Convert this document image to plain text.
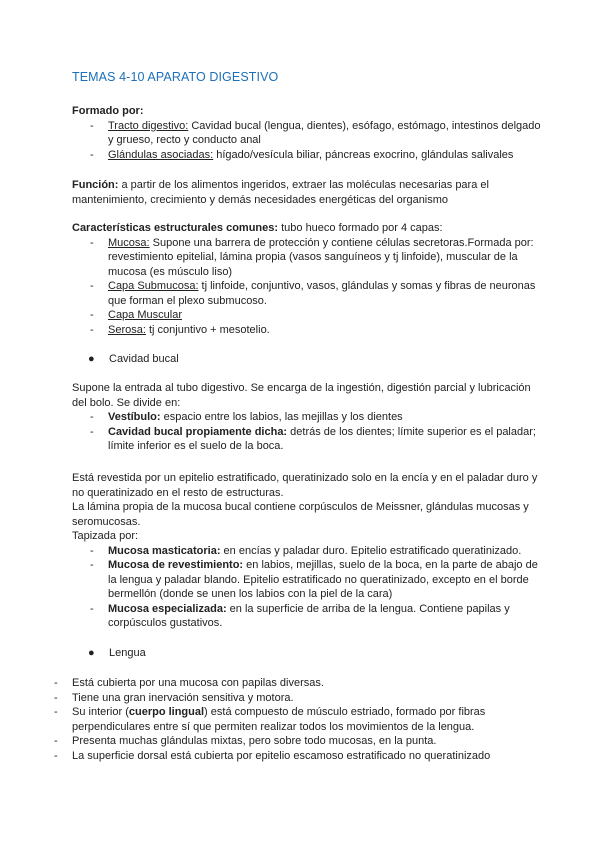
TEMAS 4-10 APARATO DIGESTIVO

Formado por:

- Tracto digestivo: Cavidad bucal (lengua, dientes), esófago, estómago, intestinos delgado y grueso, recto y conducto anal
- Glándulas asociadas: hígado/vesícula biliar, páncreas exocrino, glándulas salivales

Función: a partir de los alimentos ingeridos, extraer las moléculas necesarias para el mantenimiento, crecimiento y demás necesidades energéticas del organismo

Características estructurales comunes: tubo hueco formado por 4 capas:

- Mucosa: Supone una barrera de protección y contiene células secretoras.Formada por: revestimiento epitelial, lámina propia (vasos sanguíneos y tj linfoide), muscular de la mucosa (es músculo liso)
- Capa Submucosa: tj linfoide, conjuntivo, vasos, glándulas y somas y fibras de neuronas que forman el plexo submucoso.
- Capa Muscular
- Serosa: tj conjuntivo + mesotelio.
● Cavidad bucal

Supone la entrada al tubo digestivo. Se encarga de la ingestión, digestión parcial y lubricación del bolo. Se divide en:

- Vestíbulo: espacio entre los labios, las mejillas y los dientes
- Cavidad bucal propiamente dicha: detrás de los dientes; límite superior es el paladar; límite inferior es el suelo de la boca.

Está revestida por un epitelio estratificado, queratinizado solo en la encía y en el paladar duro y no queratinizado en el resto de estructuras.

La lámina propia de la mucosa bucal contiene corpúsculos de Meissner, glándulas mucosas y seromucosas.

Tapizada por:

- Mucosa masticatoria: en encías y paladar duro. Epitelio estratificado queratinizado.
- Mucosa de revestimiento: en labios, mejillas, suelo de la boca, en la parte de abajo de la lengua y paladar blando. Epitelio estratificado no queratinizado, excepto en el borde bermellón (donde se unen los labios con la piel de la cara)
- Mucosa especializada: en la superficie de arriba de la lengua. Contiene papilas y corpúsculos gustativos.
● Lengua
- Está cubierta por una mucosa con papilas diversas.
- Tiene una gran inervación sensitiva y motora.
- Su interior (cuerpo lingual) está compuesto de músculo estriado, formado por fibras perpendiculares entre sí que permiten realizar todos los movimientos de la lengua.
- Presenta muchas glándulas mixtas, pero sobre todo mucosas, en la punta.
- La superficie dorsal está cubierta por epitelio escamoso estratificado no queratinizado
